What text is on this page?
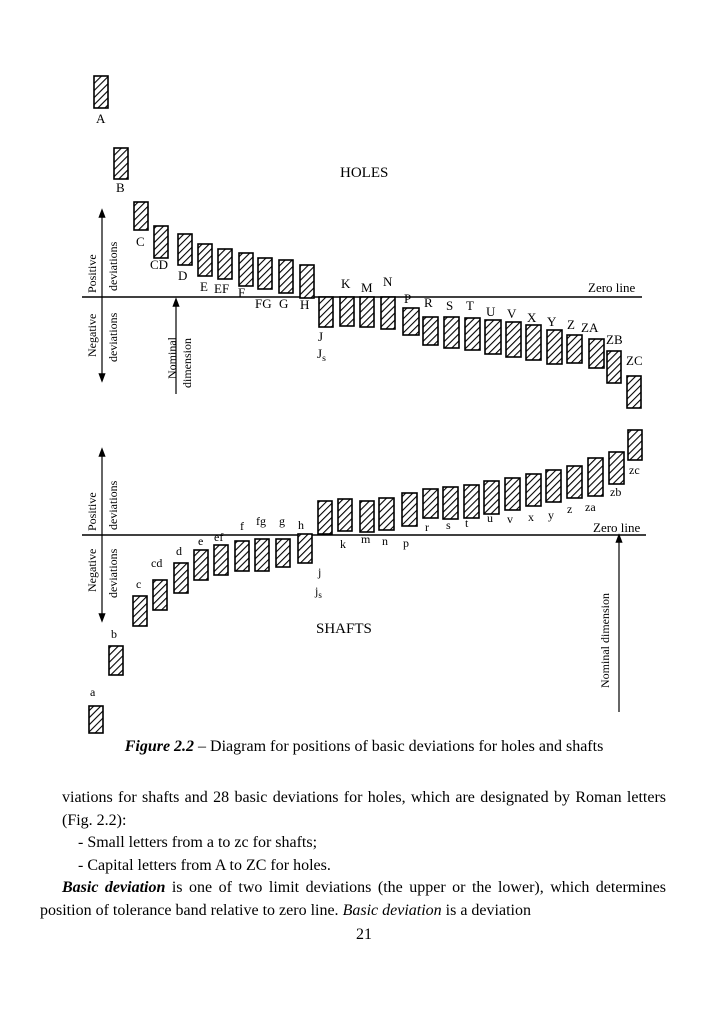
HOLES
Zero line
A
B
C
CD
D
E EF F
FG G H
J
$J_s$
K M N
P R S T U V X Y Z ZA
ZB
ZC
Positive deviations
Negative deviations	Nominal dimension
SHAFTS
Zero line
a
b
c
cd
d
e ef
f fg g h
j
$j_s$
k m n p
r s t u v x y z za
zb
zc
Positive deviations
Negative deviations
Nominal dimension
Figure 2.2 – Diagram for positions of basic deviations for holes and shafts

viations for shafts and 28 basic deviations for holes, which are designated by Roman letters (Fig. 2.2):

- Small letters from a to zc for shafts;

- Capital letters from A to ZC for holes.

Basic deviation is one of two limit deviations (the upper or the lower), which determines position of tolerance band relative to zero line. Basic deviation is a deviation

21
